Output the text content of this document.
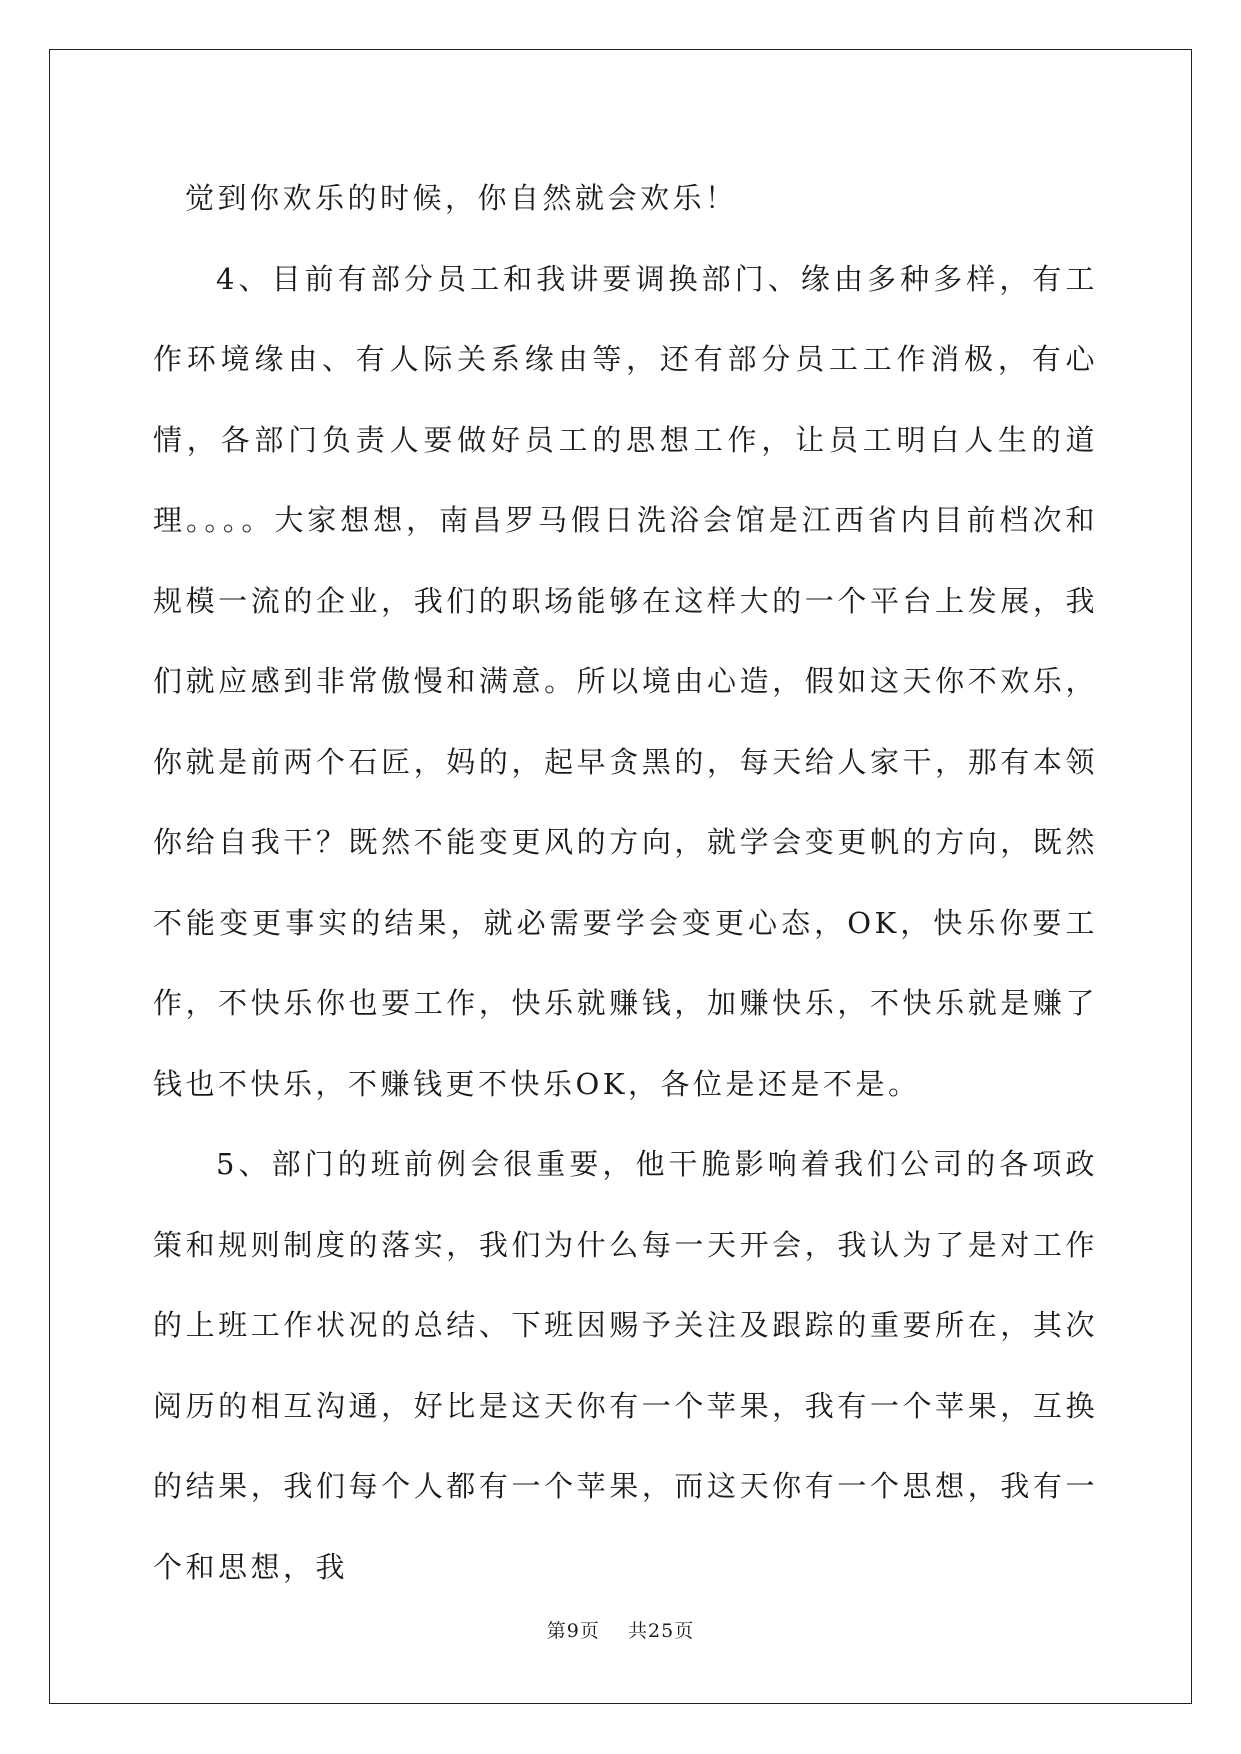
觉到你欢乐的时候，你自然就会欢乐！

4、目前有部分员工和我讲要调换部门、缘由多种多样，有工作环境缘由、有人际关系缘由等，还有部分员工工作消极，有心情，各部门负责人要做好员工的思想工作，让员工明白人生的道理。。。。大家想想，南昌罗马假日洗浴会馆是江西省内目前档次和规模一流的企业，我们的职场能够在这样大的一个平台上发展，我们就应感到非常傲慢和满意。所以境由心造，假如这天你不欢乐，你就是前两个石匠，妈的，起早贪黑的，每天给人家干，那有本领你给自我干？既然不能变更风的方向，就学会变更帆的方向，既然不能变更事实的结果，就必需要学会变更心态，OK，快乐你要工作，不快乐你也要工作，快乐就赚钱，加赚快乐，不快乐就是赚了钱也不快乐，不赚钱更不快乐OK，各位是还是不是。

5、部门的班前例会很重要，他干脆影响着我们公司的各项政策和规则制度的落实，我们为什么每一天开会，我认为了是对工作的上班工作状况的总结、下班因赐予关注及跟踪的重要所在，其次阅历的相互沟通，好比是这天你有一个苹果，我有一个苹果，互换的结果，我们每个人都有一个苹果，而这天你有一个思想，我有一个和思想，我

第9页 共25页
